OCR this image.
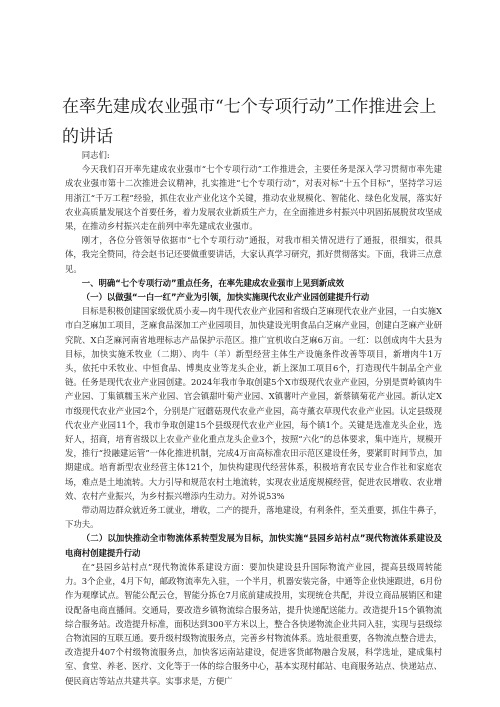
在率先建成农业强市“七个专项行动”工作推进会上的讲话

同志们:

今天我们召开率先建成农业强市“七个专项行动”工作推进会，主要任务是深入学习贯彻市率先建成农业强市第十二次推进会议精神，扎实推进“七个专项行动”，对表对标“十五个目标”，坚持学习运用浙江“千万工程”经验，抓住农业产业化这个关键，推动农业规模化、智能化、绿色化发展，落实好农业高质量发展这个首要任务，着力发展农业新质生产力，在全面推进乡村振兴中巩固拓展脱贫攻坚成果，在推动乡村振兴走在前列中率先建成农业强市。

刚才，各位分管领导依据市“七个专项行动”通报，对我市相关情况进行了通报，很细实，很具体，我完全赞同，待会赵书记还要做重要讲话，大家认真学习研究，抓好贯彻落实。下面，我讲三点意见。

一、明确“七个专项行动”重点任务，在率先建成农业强市上见到新成效

（一）以做强“一白一红”产业为引领，加快实施现代农业产业园创建提升行动

目标是积极创建国家级优质小麦—肉牛现代农业产业园和省级白芝麻现代农业产业园，一白实施X市白芝麻加工项目，芝麻食品深加工产业园项目，加快建设光明食品白芝麻产业园，创建白芝麻产业研究院、X白芝麻河南省地理标志产品保护示范区。推广宜机收白芝麻6万亩。一红：以创成肉牛大县为目标，加快实施禾牧业（二期）、肉牛（羊）新型经营主体生产设施条件改善等项目，新增肉牛1万头，依托中禾牧业、中恒食品、博奥皮业等龙头企业，新上深加工项目6个，打造现代牛制品全产业链。任务是现代农业产业园创建。2024年我市争取创建5个X市级现代农业产业园，分别是贾岭镇肉牛产业园、丁集镇糯玉米产业园、官会镇甜叶菊产业园、X镇薯叶产业园，新蔡镇菊花产业园。新认定X市级现代农业产业园2个，分别是广冠蘑菇现代农业产业园，高寺薰衣草现代农业产业园。认定县级现代农业产业园11个，我市争取创建15个县级现代农业产业园，每个镇1个。关键是选准龙头企业，选好人，招商，培育省级以上农业产业化重点龙头企业3个，按照“六化”的总体要求，集中连片，规模开发，推行“投融建运管”一体化推进机制，完成4万亩高标准农田示范区建设任务，要紧盯时间节点，加期建成。培育新型农业经营主体121个，加快构建现代经营体系，积极培育农民专业合作社和家庭农场，难点是土地流转。大力引导和规范农村土地流转，实现农业适度规模经营，促进农民增收、农业增效、农村产业振兴，为乡村振兴增添内生动力。对外说53%

带动周边群众就近务工就业，增收，二产的提升，落地建设，有利条件，至关重要，抓住牛鼻子，下功夫。

（二）以加快推动全市物流体系转型发展为目标，加快实施“县园乡站村点”现代物流体系建设及电商村创建提升行动

在“县园乡站村点”现代物流体系建设方面：要加快建设县升国际物流产业园，提高县级周转能力。3个企业，4月下旬，邮政物流率先入驻，一个半月，机器安装完备，中通等企业快速跟进，6月份作为观摩试点。智能公配云仓，智能分拣仓7月底前建成投用，实现统仓共配，并设立商品展销区和建设配备电商直播间。交通局，要改造乡镇物流综合服务站，提升快递配送能力。改造提升15个镇物流综合服务站。改造提升标准，面积达到300平方米以上，整合各快递物流企业共同入驻，实现与县级综合物流园的互联互通。要升级村级物流服务点，完善乡村物流体系。选址很重要，各物流点整合进去，改造提升407个村级物流服务点，加快客运南站建设，促进客货邮物融合发展，科学选址，建成集村室、食堂、养老、医疗、文化等于一体的综合服务中心，基本实现村邮站、电商服务站点、快递站点、便民商店等站点共建共享。实事求是，方便广
